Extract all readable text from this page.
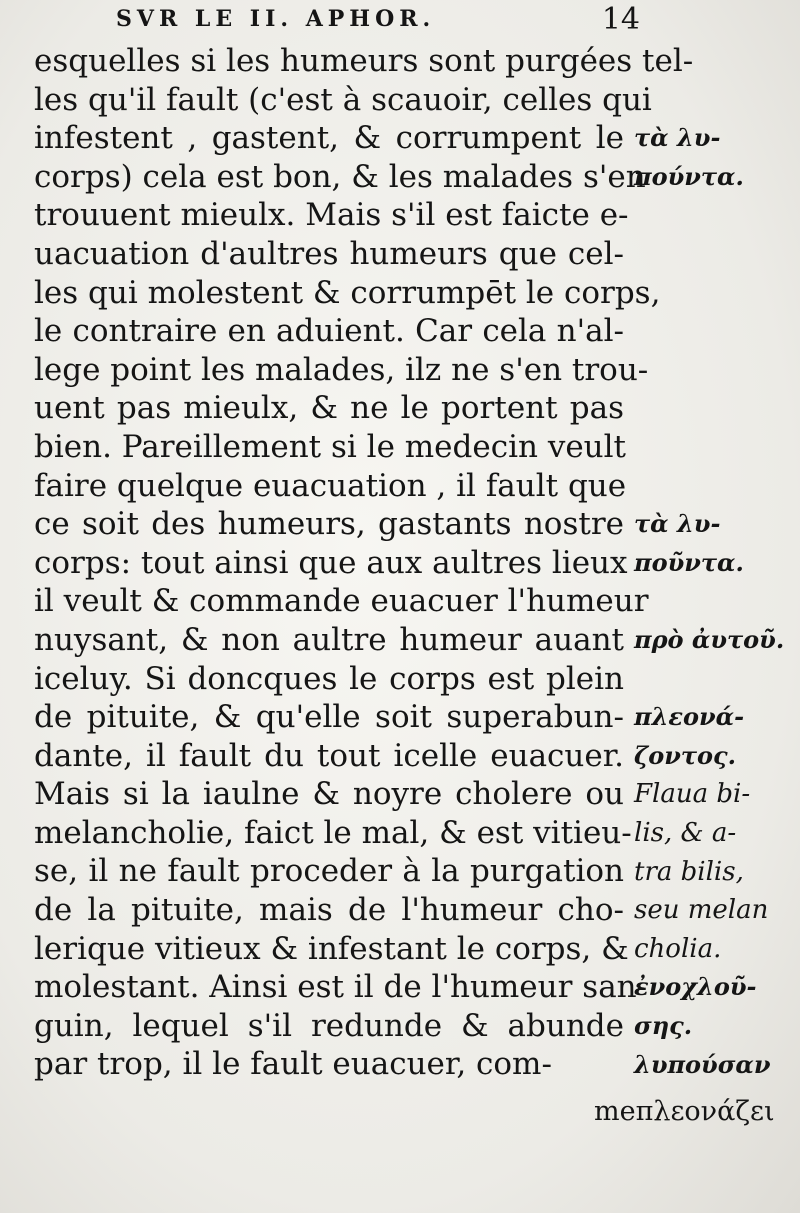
SVR LE II. APHOR.	14
esquelles si les humeurs sont purgées tel-
les qu'il fault (c'est à scauoir, celles qui
infestent , gastent, & corrumpent le
corps) cela est bon, & les malades s'en
trouuent mieulx. Mais s'il est faicte e-
uacuation d'aultres humeurs que cel-
les qui molestent & corrumpēt le corps,
le contraire en aduient. Car cela n'al-
lege point les malades, ilz ne s'en trou-
uent pas mieulx, & ne le portent pas
bien. Pareillement si le medecin veult
faire quelque euacuation , il fault que
ce soit des humeurs, gastants nostre
corps: tout ainsi que aux aultres lieux
il veult & commande euacuer l'humeur
nuysant, & non aultre humeur auant
iceluy. Si doncques le corps est plein
de pituite, & qu'elle soit superabun-
dante, il fault du tout icelle euacuer.
Mais si la iaulne & noyre cholere ou
melancholie, faict le mal, & est vitieu-
se, il ne fault proceder à la purgation
de la pituite, mais de l'humeur cho-
lerique vitieux & infestant le corps, &
molestant. Ainsi est il de l'humeur san-
guin, lequel s'il redunde & abunde
par trop, il le fault euacuer, com-
τὰ λυ-
πούντα.
τὰ λυ-
ποῦντα.
πρὸ ἀυτοῦ.
πλεονά-
ζοντος.
Flaua bi-
lis, & a-
tra bilis,
seu melan
cholia.
ἐνοχλοῦ-
σης.
λυπούσαν
meπλεονάζει
